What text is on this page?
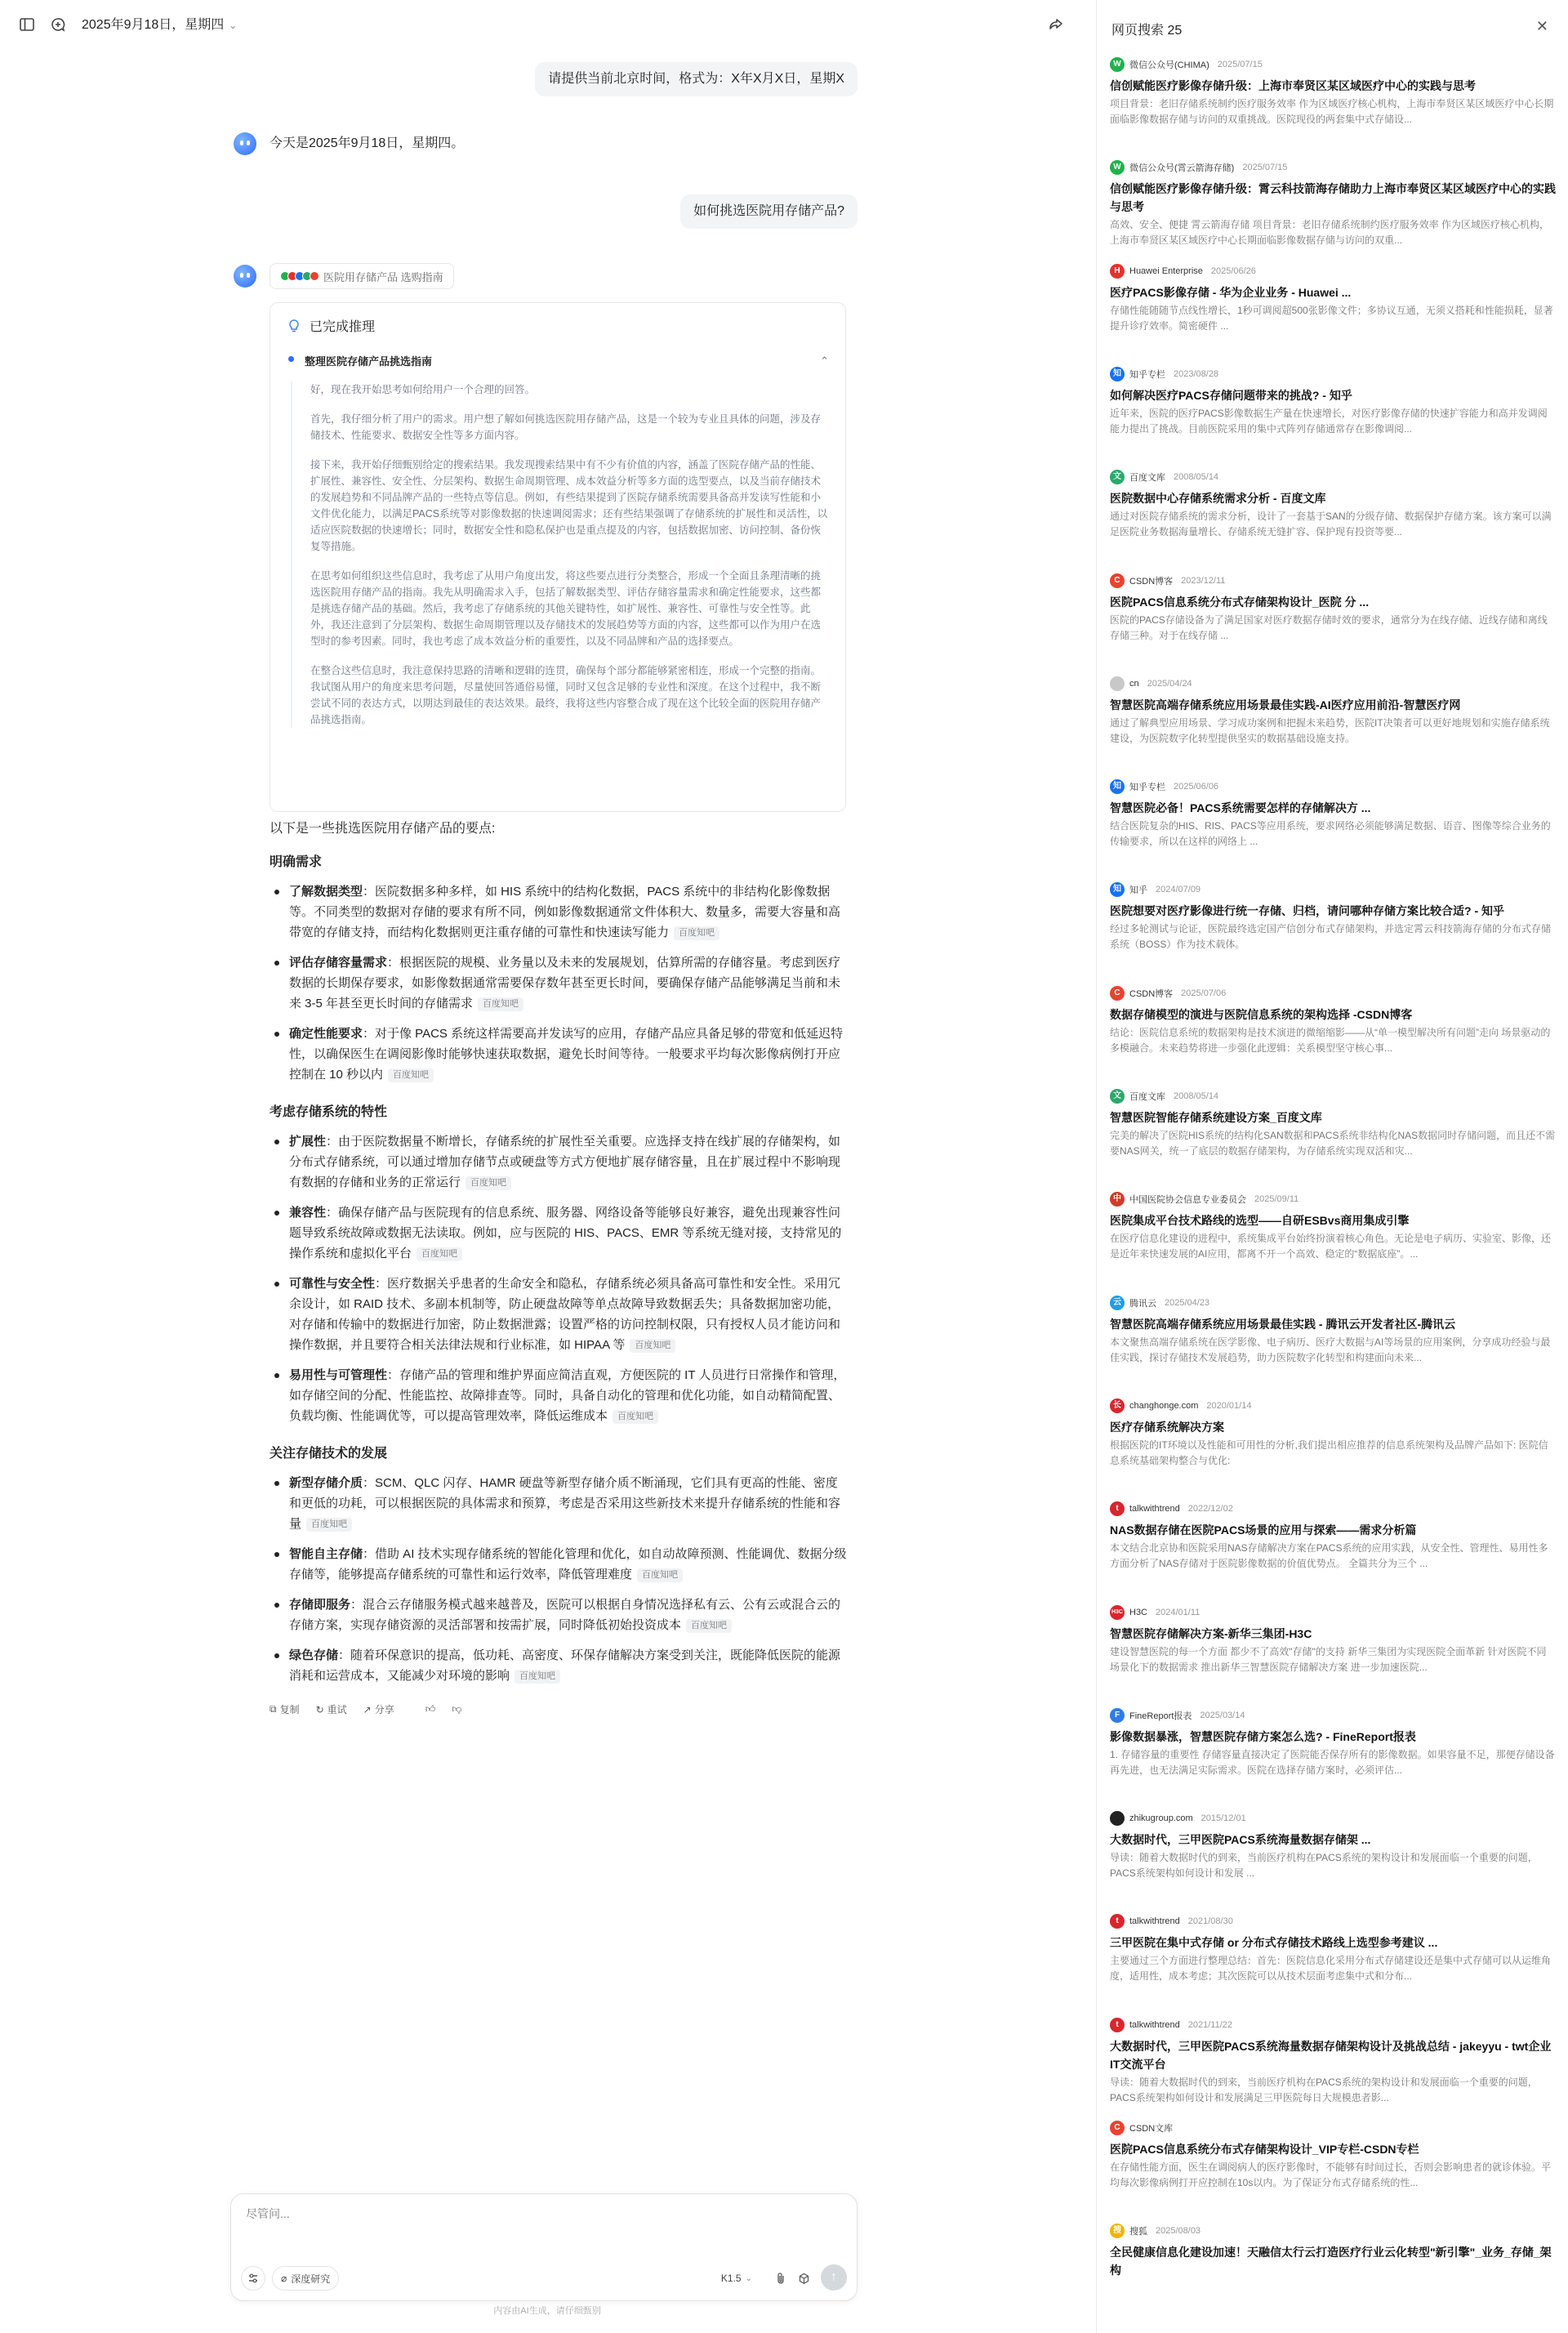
2025年9月18日，星期四 ⌄
请提供当前北京时间，格式为：X年X月X日，星期X
今天是2025年9月18日，星期四。
如何挑选医院用存储产品?
医院用存储产品 选购指南
已完成推理
整理医院存储产品挑选指南	⌃

好，现在我开始思考如何给用户一个合理的回答。

首先，我仔细分析了用户的需求。用户想了解如何挑选医院用存储产品，这是一个较为专业且具体的问题，涉及存储技术、性能要求、数据安全性等多方面内容。

接下来，我开始仔细甄别给定的搜索结果。我发现搜索结果中有不少有价值的内容，涵盖了医院存储产品的性能、扩展性、兼容性、安全性、分层架构、数据生命周期管理、成本效益分析等多方面的选型要点，以及当前存储技术的发展趋势和不同品牌产品的一些特点等信息。例如，有些结果提到了医院存储系统需要具备高并发读写性能和小文件优化能力，以满足PACS系统等对影像数据的快速调阅需求；还有些结果强调了存储系统的扩展性和灵活性，以适应医院数据的快速增长；同时，数据安全性和隐私保护也是重点提及的内容，包括数据加密、访问控制、备份恢复等措施。

在思考如何组织这些信息时，我考虑了从用户角度出发，将这些要点进行分类整合，形成一个全面且条理清晰的挑选医院用存储产品的指南。我先从明确需求入手，包括了解数据类型、评估存储容量需求和确定性能要求，这些都是挑选存储产品的基础。然后，我考虑了存储系统的其他关键特性，如扩展性、兼容性、可靠性与安全性等。此外，我还注意到了分层架构、数据生命周期管理以及存储技术的发展趋势等方面的内容，这些都可以作为用户在选型时的参考因素。同时，我也考虑了成本效益分析的重要性，以及不同品牌和产品的选择要点。

在整合这些信息时，我注意保持思路的清晰和逻辑的连贯，确保每个部分都能够紧密相连，形成一个完整的指南。我试图从用户的角度来思考问题，尽量使回答通俗易懂，同时又包含足够的专业性和深度。在这个过程中，我不断尝试不同的表达方式，以期达到最佳的表达效果。最终，我将这些内容整合成了现在这个比较全面的医院用存储产品挑选指南。

以下是一些挑选医院用存储产品的要点:
明确需求
了解数据类型：医院数据多种多样，如 HIS 系统中的结构化数据，PACS 系统中的非结构化影像数据等。不同类型的数据对存储的要求有所不同，例如影像数据通常文件体积大、数量多，需要大容量和高带宽的存储支持，而结构化数据则更注重存储的可靠性和快速读写能力 百度知吧
评估存储容量需求：根据医院的规模、业务量以及未来的发展规划，估算所需的存储容量。考虑到医疗数据的长期保存要求，如影像数据通常需要保存数年甚至更长时间，要确保存储产品能够满足当前和未来 3-5 年甚至更长时间的存储需求 百度知吧
确定性能要求：对于像 PACS 系统这样需要高并发读写的应用，存储产品应具备足够的带宽和低延迟特性，以确保医生在调阅影像时能够快速获取数据，避免长时间等待。一般要求平均每次影像病例打开应控制在 10 秒以内 百度知吧
考虑存储系统的特性
扩展性：由于医院数据量不断增长，存储系统的扩展性至关重要。应选择支持在线扩展的存储架构，如分布式存储系统，可以通过增加存储节点或硬盘等方式方便地扩展存储容量，且在扩展过程中不影响现有数据的存储和业务的正常运行 百度知吧
兼容性：确保存储产品与医院现有的信息系统、服务器、网络设备等能够良好兼容，避免出现兼容性问题导致系统故障或数据无法读取。例如，应与医院的 HIS、PACS、EMR 等系统无缝对接，支持常见的操作系统和虚拟化平台 百度知吧
可靠性与安全性：医疗数据关乎患者的生命安全和隐私，存储系统必须具备高可靠性和安全性。采用冗余设计，如 RAID 技术、多副本机制等，防止硬盘故障等单点故障导致数据丢失；具备数据加密功能，对存储和传输中的数据进行加密，防止数据泄露；设置严格的访问控制权限，只有授权人员才能访问和操作数据，并且要符合相关法律法规和行业标准，如 HIPAA 等 百度知吧
易用性与可管理性：存储产品的管理和维护界面应简洁直观，方便医院的 IT 人员进行日常操作和管理，如存储空间的分配、性能监控、故障排查等。同时，具备自动化的管理和优化功能，如自动精简配置、负载均衡、性能调优等，可以提高管理效率，降低运维成本 百度知吧
关注存储技术的发展
新型存储介质：SCM、QLC 闪存、HAMR 硬盘等新型存储介质不断涌现，它们具有更高的性能、密度和更低的功耗，可以根据医院的具体需求和预算，考虑是否采用这些新技术来提升存储系统的性能和容量 百度知吧
智能自主存储：借助 AI 技术实现存储系统的智能化管理和优化，如自动故障预测、性能调优、数据分级存储等，能够提高存储系统的可靠性和运行效率，降低管理难度 百度知吧
存储即服务：混合云存储服务模式越来越普及，医院可以根据自身情况选择私有云、公有云或混合云的存储方案，实现存储资源的灵活部署和按需扩展，同时降低初始投资成本 百度知吧
绿色存储：随着环保意识的提高，低功耗、高密度、环保存储解决方案受到关注，既能降低医院的能源消耗和运营成本，又能减少对环境的影响 百度知吧
⧉ 复制 ↻ 重试 ↗ 分享	👍︎ 👎︎
尽管问...
⌀ 深度研究	K1.5 ⌄	↑
内容由AI生成，请仔细甄别
网页搜索 25	✕
W 微信公众号(CHIMA) 2025/07/15
信创赋能医疗影像存储升级：上海市奉贤区某区域医疗中心的实践与思考
项目背景：老旧存储系统制约医疗服务效率 作为区域医疗核心机构，上海市奉贤区某区域医疗中心长期面临影像数据存储与访问的双重挑战。医院现役的两套集中式存储设...
W 微信公众号(霄云箭海存储) 2025/07/15
信创赋能医疗影像存储升级：霄云科技箭海存储助力上海市奉贤区某区域医疗中心的实践与思考
高效、安全、便捷 霄云箭海存储 项目背景：老旧存储系统制约医疗服务效率 作为区域医疗核心机构，上海市奉贤区某区域医疗中心长期面临影像数据存储与访问的双重...
H	Huawei Enterprise 2025/06/26
医疗PACS影像存储 - 华为企业业务 - Huawei ...
存储性能随随节点线性增长，1秒可调阅超500张影像文件；多协议互通，无须义搭耗和性能损耗，显著提升诊疗效率。简密硬件 ...
知 知乎专栏 2023/08/28
如何解决医疗PACS存储问题带来的挑战? - 知乎
近年来，医院的医疗PACS影像数据生产量在快速增长，对医疗影像存储的快速扩容能力和高并发调阅能力提出了挑战。目前医院采用的集中式阵列存储通常存在影像调阅...
文 百度文库 2008/05/14
医院数据中心存储系统需求分析 - 百度文库
通过对医院存储系统的需求分析，设计了一套基于SAN的分级存储、数据保护存储方案。该方案可以满足医院业务数据海量增长、存储系统无缝扩容、保护现有投资等要...
C	CSDN博客 2023/12/11
医院PACS信息系统分布式存储架构设计_医院 分 ...
医院的PACS存储设备为了满足国家对医疗数据存储时效的要求，通常分为在线存储、近线存储和离线存储三种。对于在线存储 ...
cn 2025/04/24
智慧医院高端存储系统应用场景最佳实践-AI医疗应用前沿-智慧医疗网
通过了解典型应用场景、学习成功案例和把握未来趋势，医院IT决策者可以更好地规划和实施存储系统建设，为医院数字化转型提供坚实的数据基础设施支持。
知 知乎专栏 2025/06/06
智慧医院必备！PACS系统需要怎样的存储解决方 ...
结合医院复杂的HIS、RIS、PACS等应用系统，要求网络必须能够满足数据、语音、图像等综合业务的传输要求，所以在这样的网络上 ...
知 知乎 2024/07/09
医院想要对医疗影像进行统一存储、归档，请问哪种存储方案比较合适? - 知乎
经过多轮测试与论证，医院最终选定国产信创分布式存储架构，并选定霄云科技箭海存储的分布式存储系统（BOSS）作为技术载体。
C	CSDN博客 2025/07/06
数据存储模型的演进与医院信息系统的架构选择 -CSDN博客
结论：医院信息系统的数据架构是技术演进的微缩缩影——从“单一模型解决所有问题”走向 场景驱动的多模融合。未来趋势将进一步强化此逻辑：关系模型坚守核心事...
文 百度文库 2008/05/14
智慧医院智能存储系统建设方案_百度文库
完美的解决了医院HIS系统的结构化SAN数据和PACS系统非结构化NAS数据同时存储问题，而且还不需要NAS网关，统一了底层的数据存储架构，为存储系统实现双活和灾...
中 中国医院协会信息专业委员会 2025/09/11
医院集成平台技术路线的选型——自研ESBvs商用集成引擎
在医疗信息化建设的进程中，系统集成平台始终扮演着核心角色。无论是电子病历、实验室、影像，还是近年来快速发展的AI应用，都离不开一个高效、稳定的“数据底座”。...
云 腾讯云 2025/04/23
智慧医院高端存储系统应用场景最佳实践 - 腾讯云开发者社区-腾讯云
本文聚焦高端存储系统在医学影像、电子病历、医疗大数据与AI等场景的应用案例，分享成功经验与最佳实践，探讨存储技术发展趋势，助力医院数字化转型和构建面向未来...
长 changhonge.com 2020/01/14
医疗存储系统解决方案
根据医院的IT环境以及性能和可用性的分析,我们提出相应推荐的信息系统架构及品牌产品如下: 医院信息系统基础架构整合与优化:
t	talkwithtrend 2022/12/02
NAS数据存储在医院PACS场景的应用与探索——需求分析篇
本文结合北京协和医院采用NAS存储解决方案在PACS系统的应用实践，从安全性、管理性、易用性多方面分析了NAS存储对于医院影像数据的价值优势点。 全篇共分为三个 ...
H3C H3C 2024/01/11
智慧医院存储解决方案-新华三集团-H3C
建设智慧医院的每一个方面 都少不了高效"存储"的支持 新华三集团为实现医院全面革新 针对医院不同场景化下的数据需求 推出新华三智慧医院存储解决方案 进一步加速医院...
F	FineReport报表 2025/03/14
影像数据暴涨，智慧医院存储方案怎么选? - FineReport报表
1. 存储容量的重要性 存储容量直接决定了医院能否保存所有的影像数据。如果容量不足，那便存储设备再先进，也无法满足实际需求。医院在选择存储方案时，必须评估...
zhikugroup.com 2015/12/01
大数据时代，三甲医院PACS系统海量数据存储架 ...
导读：随着大数据时代的到来，当前医疗机构在PACS系统的架构设计和发展面临一个重要的问题，PACS系统架构如何设计和发展 ...
t	talkwithtrend 2021/08/30
三甲医院在集中式存储 or 分布式存储技术路线上选型参考建议 ...
主要通过三个方面进行整理总结：首先：医院信息化采用分布式存储建设还是集中式存储可以从运维角度，适用性，成本考虑；其次医院可以从技术层面考虑集中式和分布...
t	talkwithtrend 2021/11/22
大数据时代，三甲医院PACS系统海量数据存储架构设计及挑战总结 - jakeyyu - twt企业IT交流平台
导读：随着大数据时代的到来，当前医疗机构在PACS系统的架构设计和发展面临一个重要的问题，PACS系统架构如何设计和发展满足三甲医院每日大规模患者影...
C	CSDN文库
医院PACS信息系统分布式存储架构设计_VIP专栏-CSDN专栏
在存储性能方面，医生在调阅病人的医疗影像时，不能够有时间过长，否则会影响患者的就诊体验。平均每次影像病例打开应控制在10s以内。为了保证分布式存储系统的性...
搜 搜狐 2025/08/03
全民健康信息化建设加速！天融信太行云打造医疗行业云化转型"新引擎"_业务_存储_架构
